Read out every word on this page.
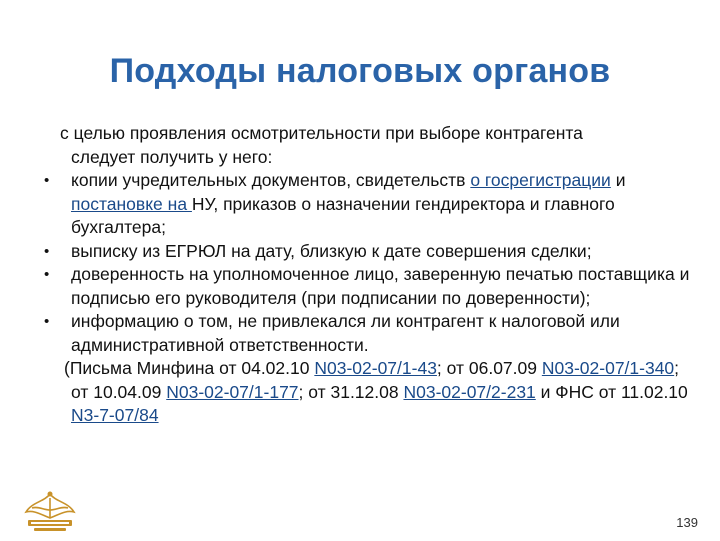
Подходы налоговых органов
с целью проявления осмотрительности при выборе контрагента
следует получить у него:
• копии учредительных документов, свидетельств о госрегистрации и постановке на НУ, приказов о назначении гендиректора и главного бухгалтера;
• выписку из ЕГРЮЛ на дату, близкую к дате совершения сделки;
• доверенность на уполномоченное лицо, заверенную печатью поставщика и подписью его руководителя (при подписании по доверенности);
• информацию о том, не привлекался ли контрагент к налоговой или административной ответственности.
(Письма Минфина от 04.02.10 N03-02-07/1-43; от 06.07.09 N03-02-07/1-340; от 10.04.09 N03-02-07/1-177; от 31.12.08 N03-02-07/2-231 и ФНС от 11.02.10 N3-7-07/84
139
